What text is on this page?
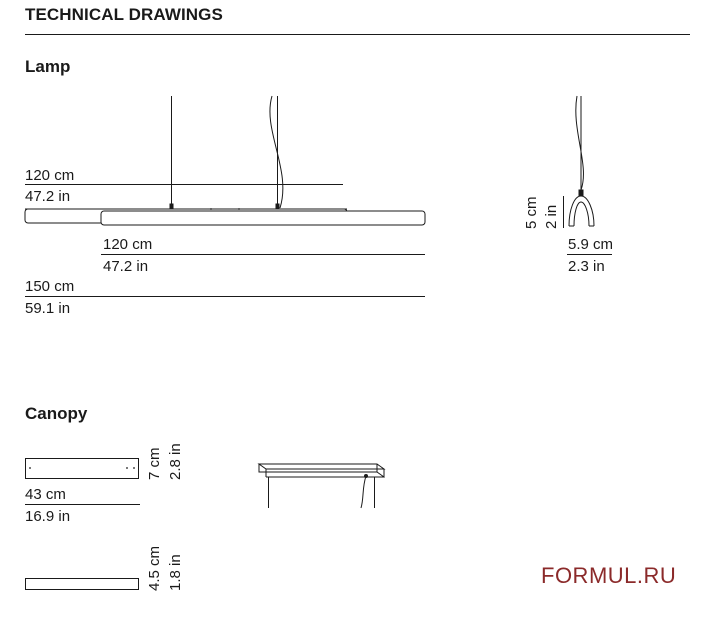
TECHNICAL DRAWINGS
Lamp
120 cm
47.2 in
120 cm
47.2 in
150 cm
59.1 in
5 cm 2 in
5.9 cm
2.3 in
Canopy
7 cm 2.8 in
43 cm
16.9 in
4.5 cm 1.8 in	FORMUL.RU
